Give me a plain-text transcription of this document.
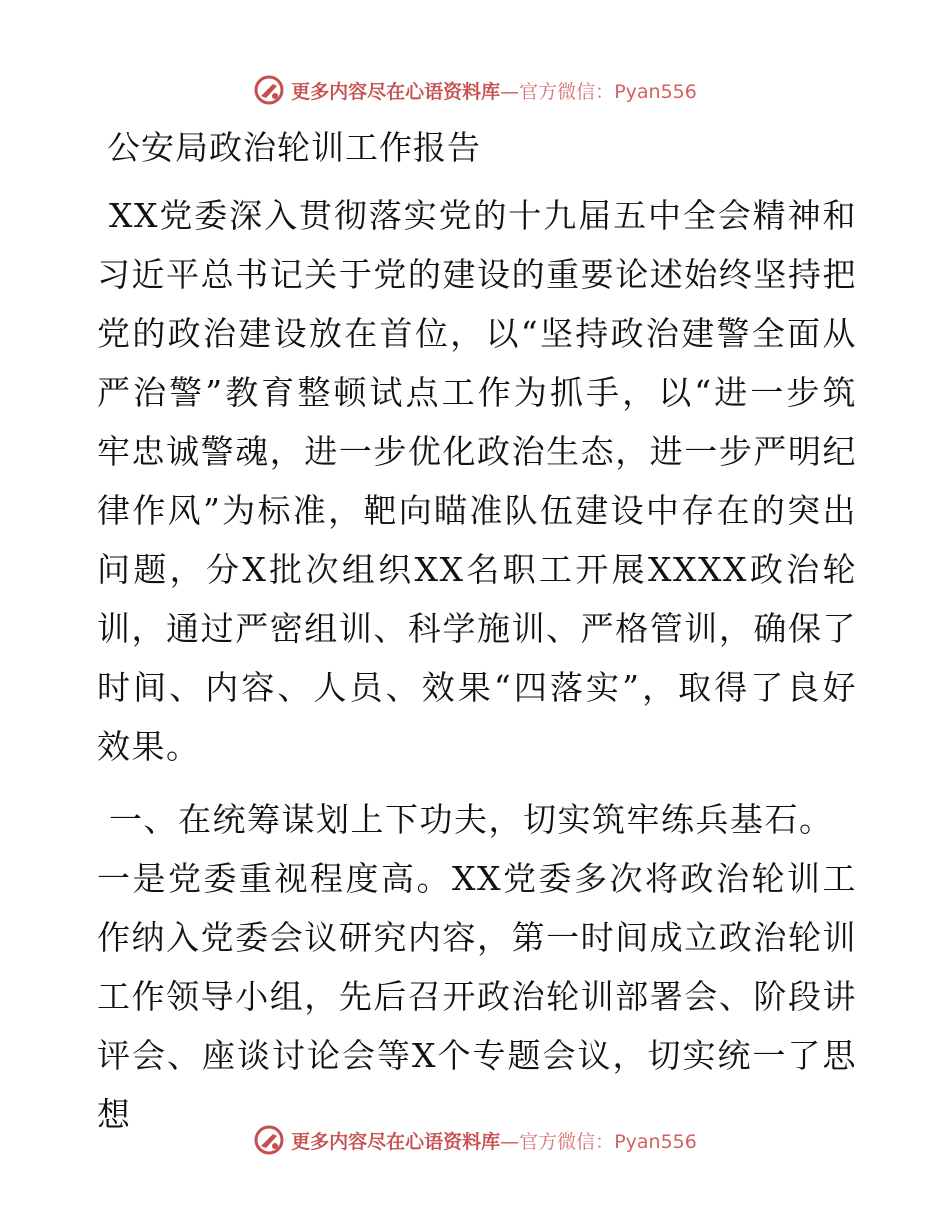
更多内容尽在心语资料库—官方微信：Pyan556
公安局政治轮训工作报告

XX党委深入贯彻落实党的十九届五中全会精神和习近平总书记关于党的建设的重要论述始终坚持把党的政治建设放在首位，以“坚持政治建警全面从严治警”教育整顿试点工作为抓手，以“进一步筑牢忠诚警魂，进一步优化政治生态，进一步严明纪律作风”为标准，靶向瞄准队伍建设中存在的突出问题，分X批次组织XX名职工开展XXXX政治轮训，通过严密组训、科学施训、严格管训，确保了时间、内容、人员、效果“四落实”，取得了良好效果。

一、在统筹谋划上下功夫，切实筑牢练兵基石。

一是党委重视程度高。XX党委多次将政治轮训工作纳入党委会议研究内容，第一时间成立政治轮训工作领导小组，先后召开政治轮训部署会、阶段讲评会、座谈讨论会等X个专题会议，切实统一了思想

更多内容尽在心语资料库—官方微信：Pyan556
